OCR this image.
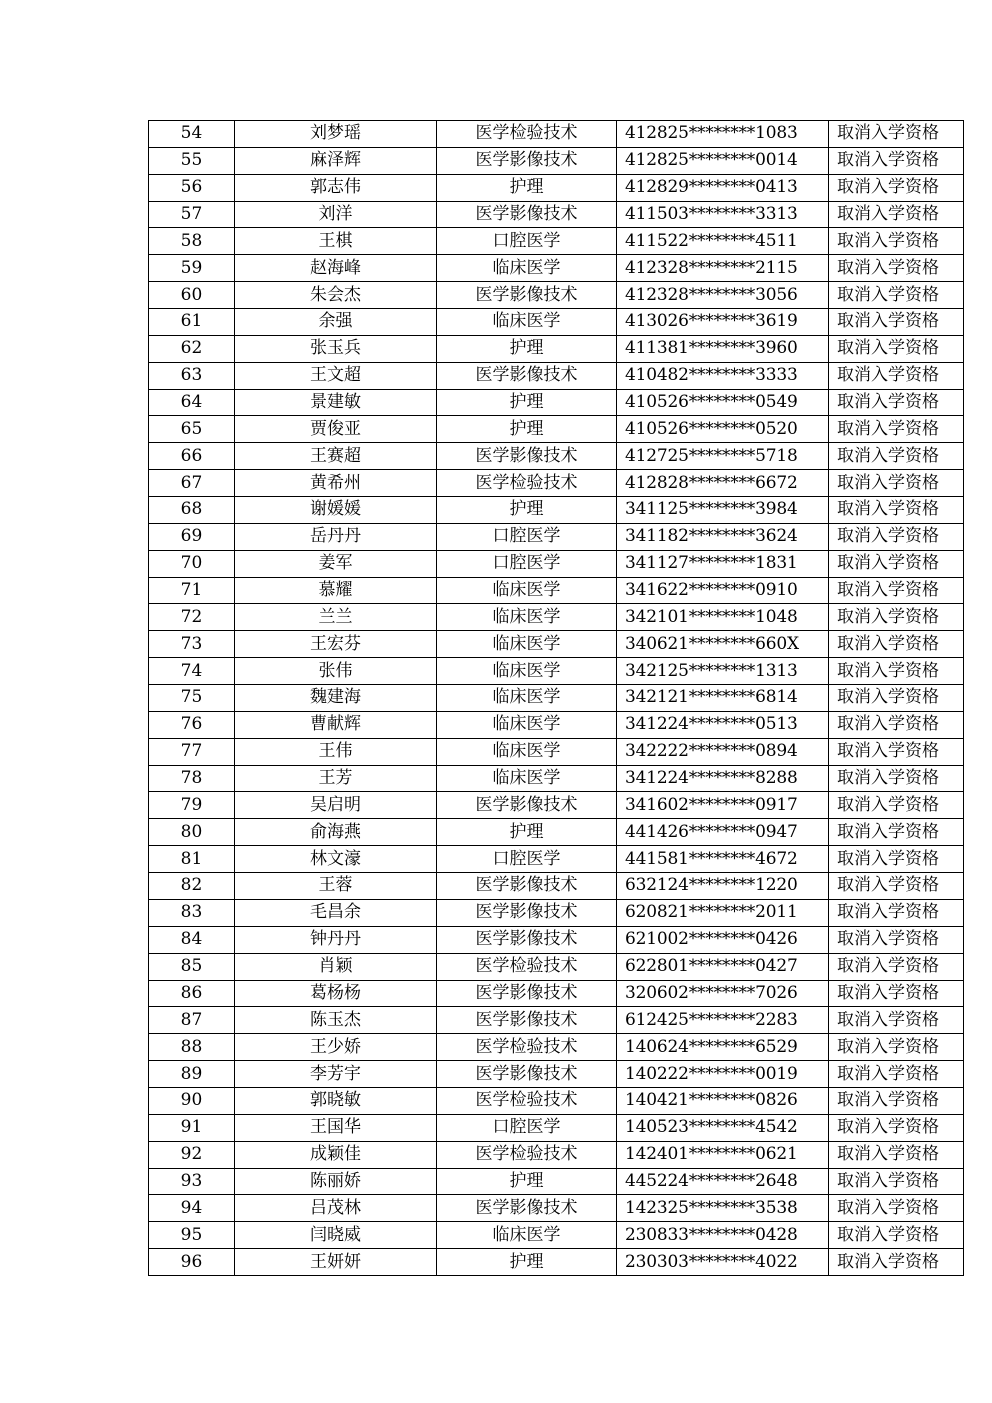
54	刘梦瑶	医学检验技术	412825********1083	取消入学资格
55	麻泽辉	医学影像技术	412825********0014	取消入学资格
56	郭志伟	护理	412829********0413	取消入学资格
57	刘洋	医学影像技术	411503********3313	取消入学资格
58	王棋	口腔医学	411522********4511	取消入学资格
59	赵海峰	临床医学	412328********2115	取消入学资格
60	朱会杰	医学影像技术	412328********3056	取消入学资格
61	余强	临床医学	413026********3619	取消入学资格
62	张玉兵	护理	411381********3960	取消入学资格
63	王文超	医学影像技术	410482********3333	取消入学资格
64	景建敏	护理	410526********0549	取消入学资格
65	贾俊亚	护理	410526********0520	取消入学资格
66	王赛超	医学影像技术	412725********5718	取消入学资格
67	黄希州	医学检验技术	412828********6672	取消入学资格
68	谢媛媛	护理	341125********3984	取消入学资格
69	岳丹丹	口腔医学	341182********3624	取消入学资格
70	姜军	口腔医学	341127********1831	取消入学资格
71	慕耀	临床医学	341622********0910	取消入学资格
72	兰兰	临床医学	342101********1048	取消入学资格
73	王宏芬	临床医学	340621********660X	取消入学资格
74	张伟	临床医学	342125********1313	取消入学资格
75	魏建海	临床医学	342121********6814	取消入学资格
76	曹献辉	临床医学	341224********0513	取消入学资格
77	王伟	临床医学	342222********0894	取消入学资格
78	王芳	临床医学	341224********8288	取消入学资格
79	吴启明	医学影像技术	341602********0917	取消入学资格
80	俞海燕	护理	441426********0947	取消入学资格
81	林文濠	口腔医学	441581********4672	取消入学资格
82	王蓉	医学影像技术	632124********1220	取消入学资格
83	毛昌余	医学影像技术	620821********2011	取消入学资格
84	钟丹丹	医学影像技术	621002********0426	取消入学资格
85	肖颖	医学检验技术	622801********0427	取消入学资格
86	葛杨杨	医学影像技术	320602********7026	取消入学资格
87	陈玉杰	医学影像技术	612425********2283	取消入学资格
88	王少娇	医学检验技术	140624********6529	取消入学资格
89	李芳宇	医学影像技术	140222********0019	取消入学资格
90	郭晓敏	医学检验技术	140421********0826	取消入学资格
91	王国华	口腔医学	140523********4542	取消入学资格
92	成颖佳	医学检验技术	142401********0621	取消入学资格
93	陈丽娇	护理	445224********2648	取消入学资格
94	吕茂林	医学影像技术	142325********3538	取消入学资格
95	闫晓威	临床医学	230833********0428	取消入学资格
96	王妍妍	护理	230303********4022	取消入学资格
